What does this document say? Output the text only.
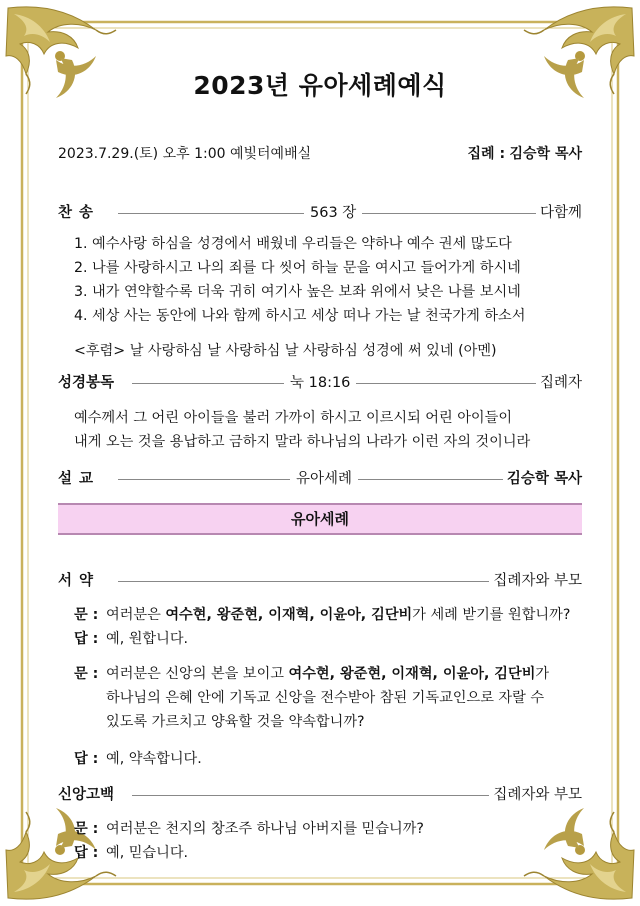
2023년 유아세례예식
2023.7.29.(토) 오후 1:00 예빛터예배실	집례 : 김승학 목사
찬 송	563 장	다함께
1. 예수사랑 하심을 성경에서 배웠네 우리들은 약하나 예수 권세 많도다
2. 나를 사랑하시고 나의 죄를 다 씻어 하늘 문을 여시고 들어가게 하시네
3. 내가 연약할수록 더욱 귀히 여기사 높은 보좌 위에서 낮은 나를 보시네
4. 세상 사는 동안에 나와 함께 하시고 세상 떠나 가는 날 천국가게 하소서
<후렴> 날 사랑하심 날 사랑하심 날 사랑하심 성경에 써 있네 (아멘)
성경봉독	눅 18:16	집례자
예수께서 그 어린 아이들을 불러 가까이 하시고 이르시되 어린 아이들이
내게 오는 것을 용납하고 금하지 말라 하나님의 나라가 이런 자의 것이니라
설 교	유아세례	김승학 목사
유아세례
서 약	집례자와 부모
문 : 여러분은 여수현, 왕준현, 이재혁, 이윤아, 김단비가 세례 받기를 원합니까?
답 : 예, 원합니다.
문 : 여러분은 신앙의 본을 보이고 여수현, 왕준현, 이재혁, 이윤아, 김단비가
하나님의 은혜 안에 기독교 신앙을 전수받아 참된 기독교인으로 자랄 수
있도록 가르치고 양육할 것을 약속합니까?
답 : 예, 약속합니다.
신앙고백	집례자와 부모
문 : 여러분은 천지의 창조주 하나님 아버지를 믿습니까?
답 : 예, 믿습니다.
